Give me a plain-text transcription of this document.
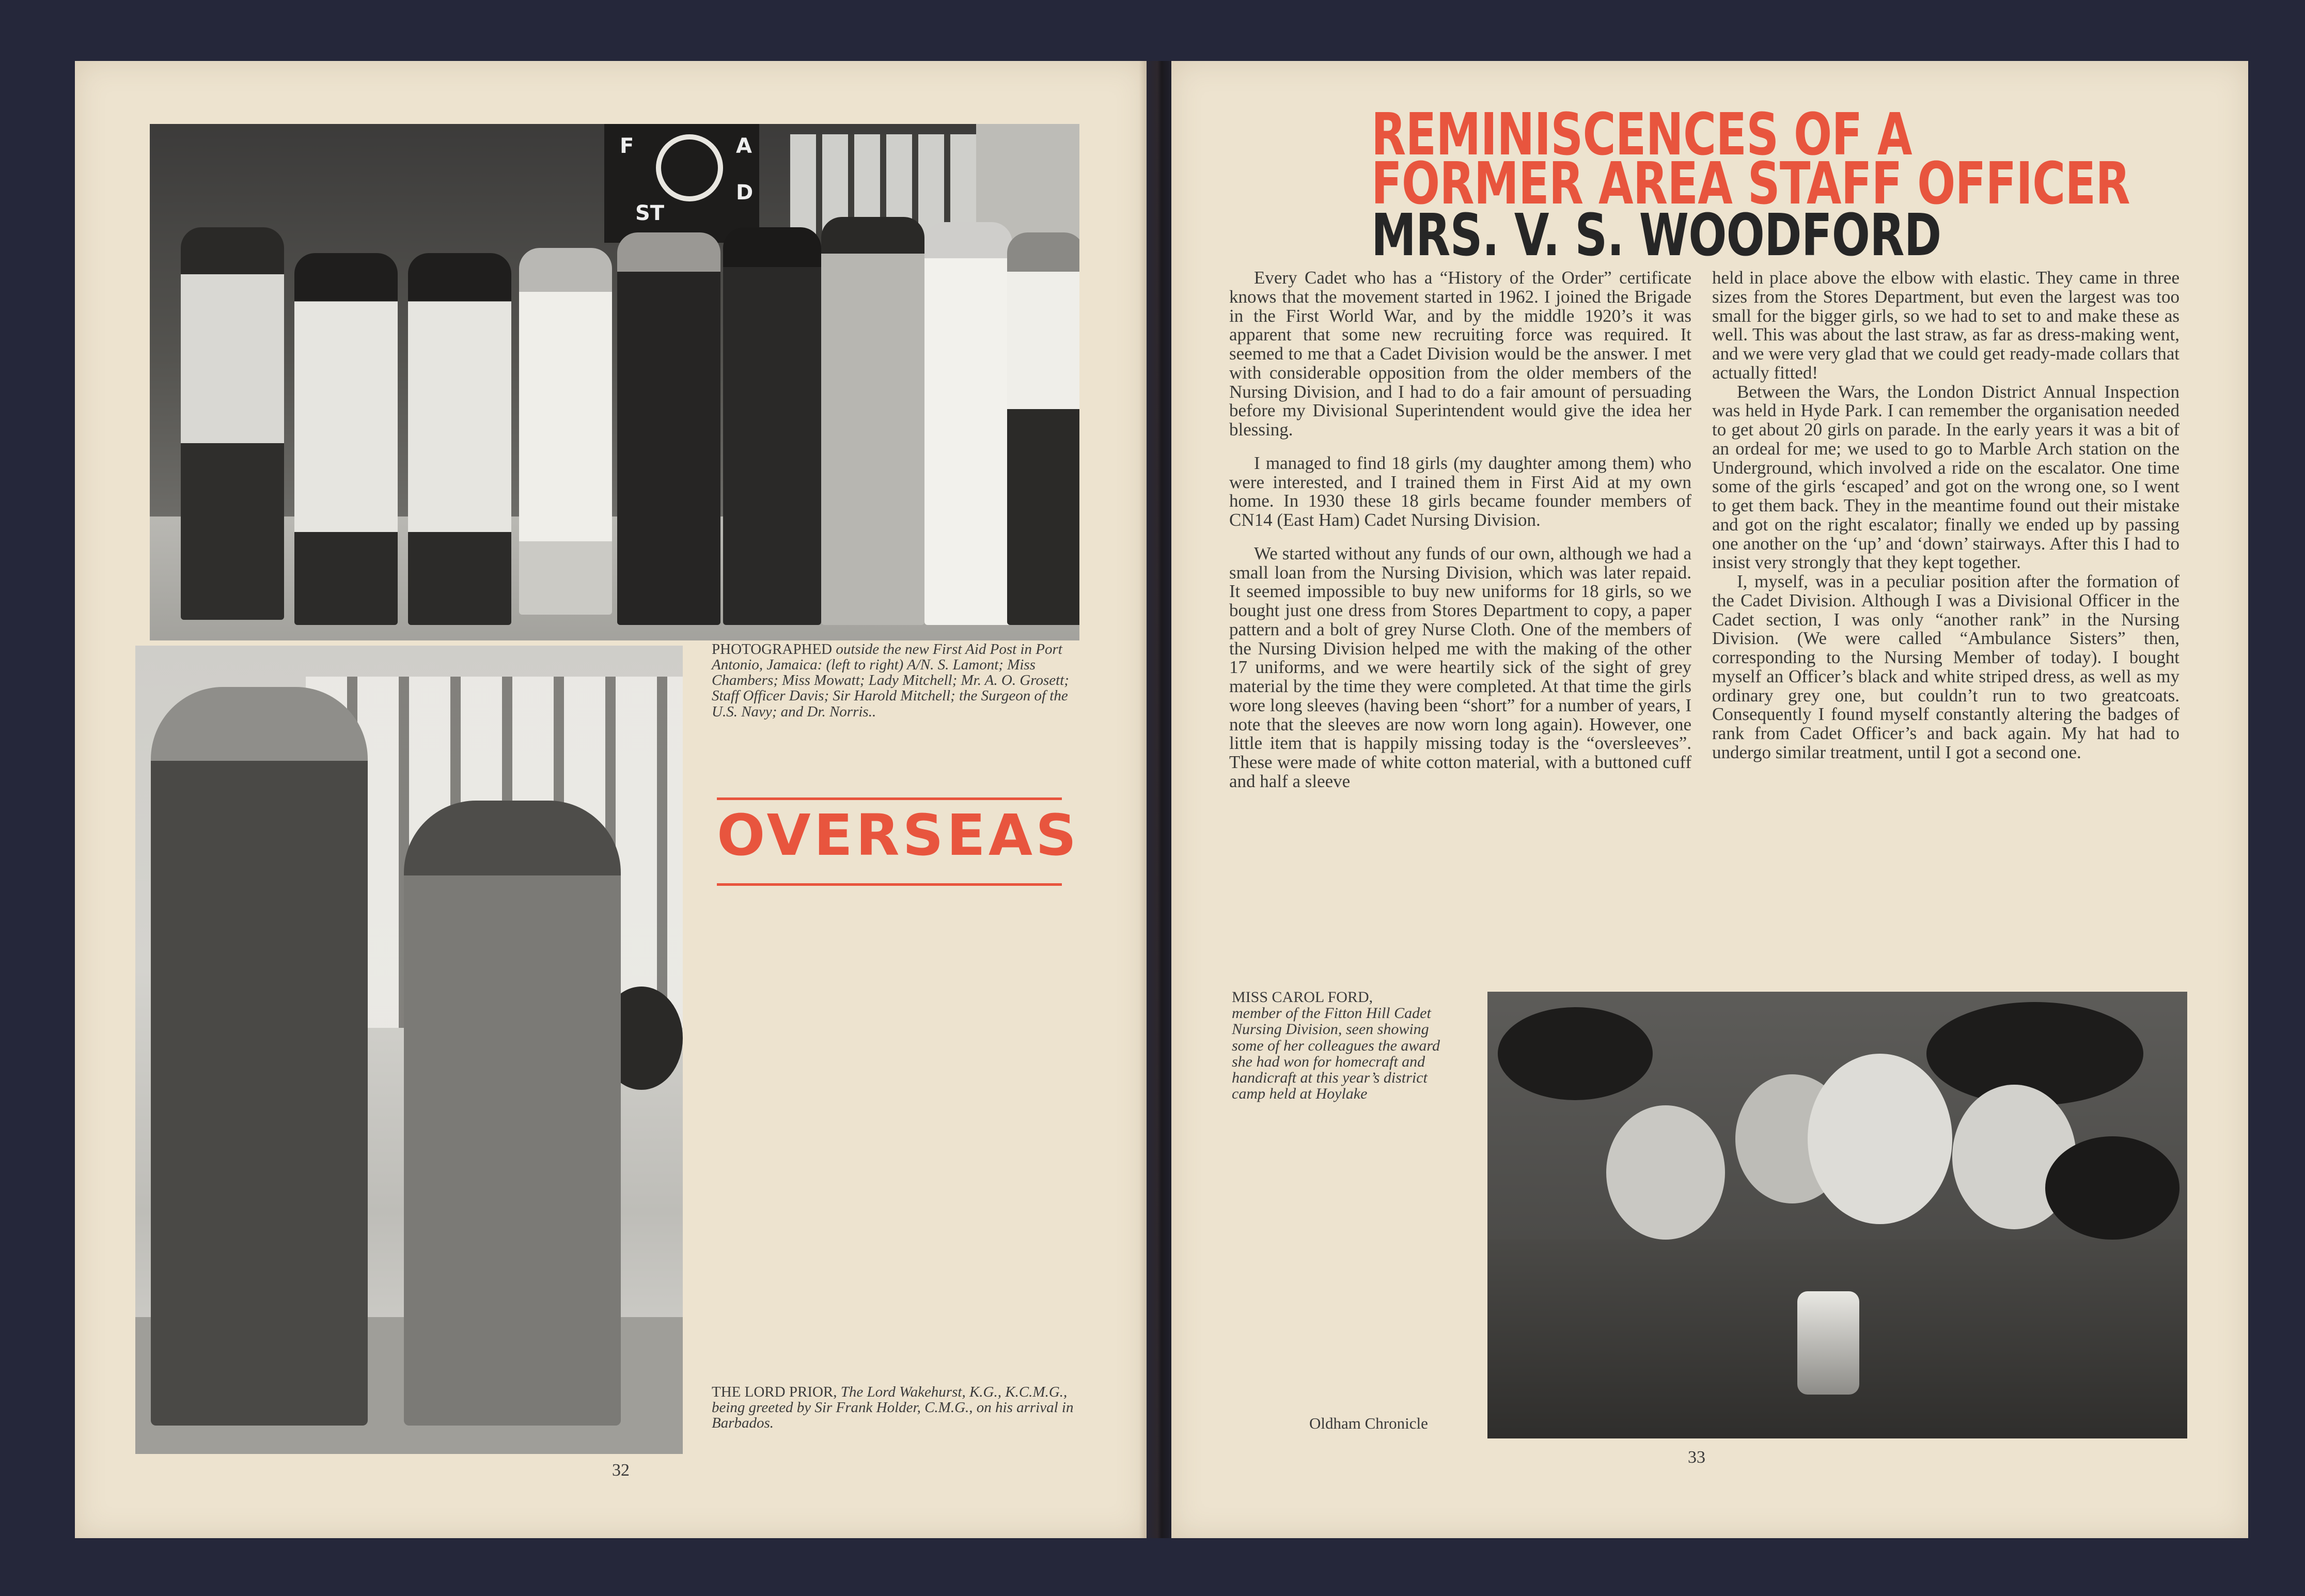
F
ST
A
D

PHOTOGRAPHED outside the new First Aid Post in Port Antonio, Jamaica: (left to right) A/N. S. Lamont; Miss Chambers; Miss Mowatt; Lady Mitchell; Mr. A. O. Grosett; Staff Officer Davis; Sir Harold Mitchell; the Surgeon of the U.S. Navy; and Dr. Norris..

OVERSEAS

THE LORD PRIOR, The Lord Wakehurst, K.G., K.C.M.G., being greeted by Sir Frank Holder, C.M.G., on his arrival in Barbados.

32
REMINISCENCES OF A
FORMER AREA STAFF OFFICER
MRS. V. S. WOODFORD

Every Cadet who has a “History of the Order” certificate knows that the movement started in 1962. I joined the Brigade in the First World War, and by the middle 1920’s it was apparent that some new recruiting force was required. It seemed to me that a Cadet Division would be the answer. I met with considerable opposition from the older members of the Nursing Division, and I had to do a fair amount of persuading before my Divisional Superintendent would give the idea her blessing.

I managed to find 18 girls (my daughter among them) who were interested, and I trained them in First Aid at my own home. In 1930 these 18 girls became founder members of CN14 (East Ham) Cadet Nursing Division.

We started without any funds of our own, although we had a small loan from the Nursing Division, which was later repaid. It seemed impossible to buy new uniforms for 18 girls, so we bought just one dress from Stores Department to copy, a paper pattern and a bolt of grey Nurse Cloth. One of the members of the Nursing Division helped me with the making of the other 17 uniforms, and we were heartily sick of the sight of grey material by the time they were completed. At that time the girls wore long sleeves (having been “short” for a number of years, I note that the sleeves are now worn long again). However, one little item that is happily missing today is the “oversleeves”. These were made of white cotton material, with a buttoned cuff and half a sleeve

held in place above the elbow with elastic. They came in three sizes from the Stores Department, but even the largest was too small for the bigger girls, so we had to set to and make these as well. This was about the last straw, as far as dress-making went, and we were very glad that we could get ready-made collars that actually fitted!

Between the Wars, the London District Annual Inspection was held in Hyde Park. I can remember the organisation needed to get about 20 girls on parade. In the early years it was a bit of an ordeal for me; we used to go to Marble Arch station on the Underground, which involved a ride on the escalator. One time some of the girls ‘escaped’ and got on the wrong one, so I went to get them back. They in the meantime found out their mistake and got on the right escalator; finally we ended up by passing one another on the ‘up’ and ‘down’ stairways. After this I had to insist very strongly that they kept together.

I, myself, was in a peculiar position after the formation of the Cadet Division. Although I was a Divisional Officer in the Cadet section, I was only “another rank” in the Nursing Division. (We were called “Ambulance Sisters” then, corresponding to the Nursing Member of today). I bought myself an Officer’s black and white striped dress, as well as my ordinary grey one, but couldn’t run to two greatcoats. Consequently I found myself constantly altering the badges of rank from Cadet Officer’s and back again. My hat had to undergo similar treatment, until I got a second one.

MISS CAROL FORD,
member of the Fitton Hill Cadet Nursing Division, seen showing some of her colleagues the award she had won for homecraft and handicraft at this year’s district camp held at Hoylake

Oldham Chronicle
33
